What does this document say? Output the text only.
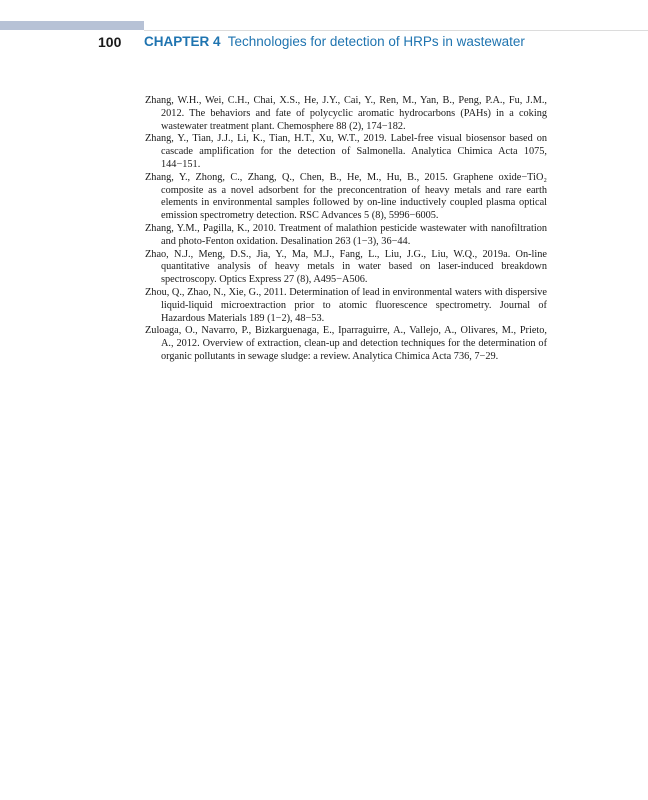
100 CHAPTER 4 Technologies for detection of HRPs in wastewater

Zhang, W.H., Wei, C.H., Chai, X.S., He, J.Y., Cai, Y., Ren, M., Yan, B., Peng, P.A., Fu, J.M., 2012. The behaviors and fate of polycyclic aromatic hydrocarbons (PAHs) in a coking wastewater treatment plant. Chemosphere 88 (2), 174−182.

Zhang, Y., Tian, J.J., Li, K., Tian, H.T., Xu, W.T., 2019. Label-free visual biosensor based on cascade amplification for the detection of Salmonella. Analytica Chimica Acta 1075, 144−151.

Zhang, Y., Zhong, C., Zhang, Q., Chen, B., He, M., Hu, B., 2015. Graphene oxide−TiO₂ composite as a novel adsorbent for the preconcentration of heavy metals and rare earth elements in environmental samples followed by on-line inductively coupled plasma optical emission spectrometry detection. RSC Advances 5 (8), 5996−6005.

Zhang, Y.M., Pagilla, K., 2010. Treatment of malathion pesticide wastewater with nanofiltration and photo-Fenton oxidation. Desalination 263 (1−3), 36−44.

Zhao, N.J., Meng, D.S., Jia, Y., Ma, M.J., Fang, L., Liu, J.G., Liu, W.Q., 2019a. On-line quantitative analysis of heavy metals in water based on laser-induced breakdown spectroscopy. Optics Express 27 (8), A495−A506.

Zhou, Q., Zhao, N., Xie, G., 2011. Determination of lead in environmental waters with dispersive liquid-liquid microextraction prior to atomic fluorescence spectrometry. Journal of Hazardous Materials 189 (1−2), 48−53.

Zuloaga, O., Navarro, P., Bizkarguenaga, E., Iparraguirre, A., Vallejo, A., Olivares, M., Prieto, A., 2012. Overview of extraction, clean-up and detection techniques for the determination of organic pollutants in sewage sludge: a review. Analytica Chimica Acta 736, 7−29.
